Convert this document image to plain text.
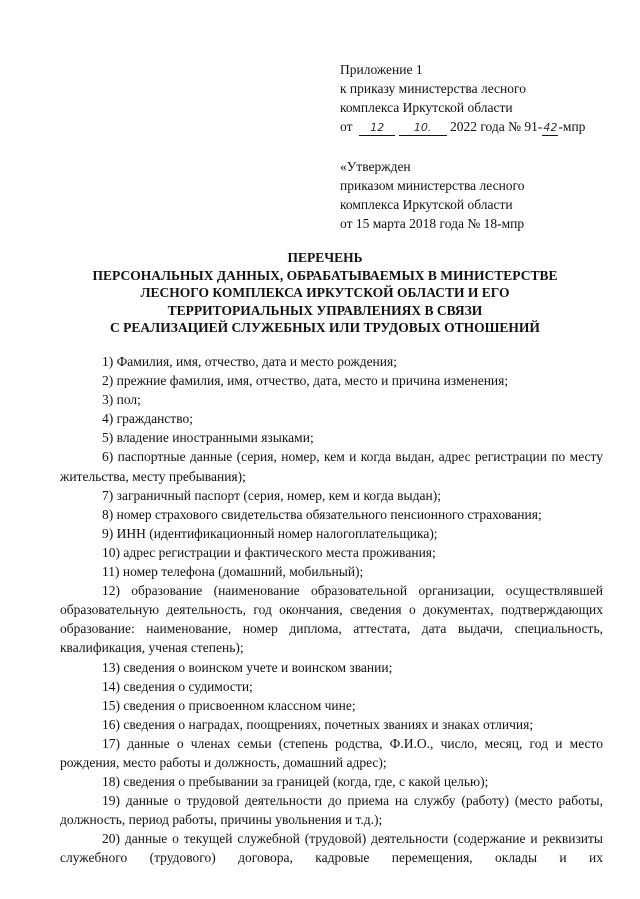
Приложение 1
к приказу министерства лесного
комплекса Иркутской области
от 12	10. 2022 года № 91-42-мпр
«Утвержден
приказом министерства лесного
комплекса Иркутской области
от 15 марта 2018 года № 18-мпр
ПЕРЕЧЕНЬ
ПЕРСОНАЛЬНЫХ ДАННЫХ, ОБРАБАТЫВАЕМЫХ В МИНИСТЕРСТВЕ
ЛЕСНОГО КОМПЛЕКСА ИРКУТСКОЙ ОБЛАСТИ И ЕГО
ТЕРРИТОРИАЛЬНЫХ УПРАВЛЕНИЯХ В СВЯЗИ
С РЕАЛИЗАЦИЕЙ СЛУЖЕБНЫХ ИЛИ ТРУДОВЫХ ОТНОШЕНИЙ
1) Фамилия, имя, отчество, дата и место рождения;
2) прежние фамилия, имя, отчество, дата, место и причина изменения;
3) пол;
4) гражданство;
5) владение иностранными языками;
6) паспортные данные (серия, номер, кем и когда выдан, адрес регистрации по месту жительства, месту пребывания);
7) заграничный паспорт (серия, номер, кем и когда выдан);
8) номер страхового свидетельства обязательного пенсионного страхования;
9) ИНН (идентификационный номер налогоплательщика);
10) адрес регистрации и фактического места проживания;
11) номер телефона (домашний, мобильный);
12) образование (наименование образовательной организации, осуществлявшей образовательную деятельность, год окончания, сведения о документах, подтверждающих образование: наименование, номер диплома, аттестата, дата выдачи, специальность, квалификация, ученая степень);
13) сведения о воинском учете и воинском звании;
14) сведения о судимости;
15) сведения о присвоенном классном чине;
16) сведения о наградах, поощрениях, почетных званиях и знаках отличия;
17) данные о членах семьи (степень родства, Ф.И.О., число, месяц, год и место рождения, место работы и должность, домашний адрес);
18) сведения о пребывании за границей (когда, где, с какой целью);
19) данные о трудовой деятельности до приема на службу (работу) (место работы, должность, период работы, причины увольнения и т.д.);
20) данные о текущей служебной (трудовой) деятельности (содержание и реквизиты служебного (трудового) договора, кадровые перемещения, оклады и их
